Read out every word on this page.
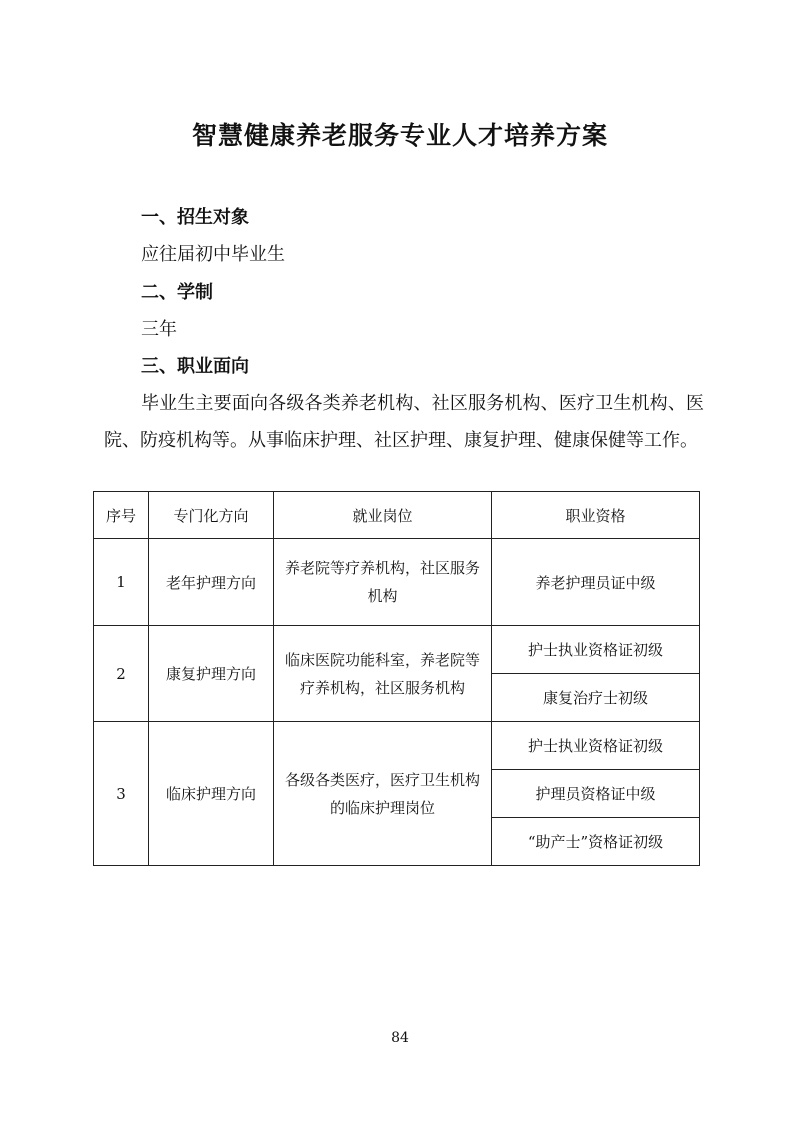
智慧健康养老服务专业人才培养方案
一、招生对象

应往届初中毕业生

二、学制

三年

三、职业面向

毕业生主要面向各级各类养老机构、社区服务机构、医疗卫生机构、医院、防疫机构等。从事临床护理、社区护理、康复护理、健康保健等工作。

序号	专门化方向	就业岗位	职业资格
1	老年护理方向	养老院等疗养机构，社区服务机构	养老护理员证中级
2	康复护理方向	临床医院功能科室，养老院等疗养机构，社区服务机构	护士执业资格证初级
			康复治疗士初级
3	临床护理方向	各级各类医疗，医疗卫生机构的临床护理岗位	护士执业资格证初级
			护理员资格证中级
			“助产士”资格证初级
84
